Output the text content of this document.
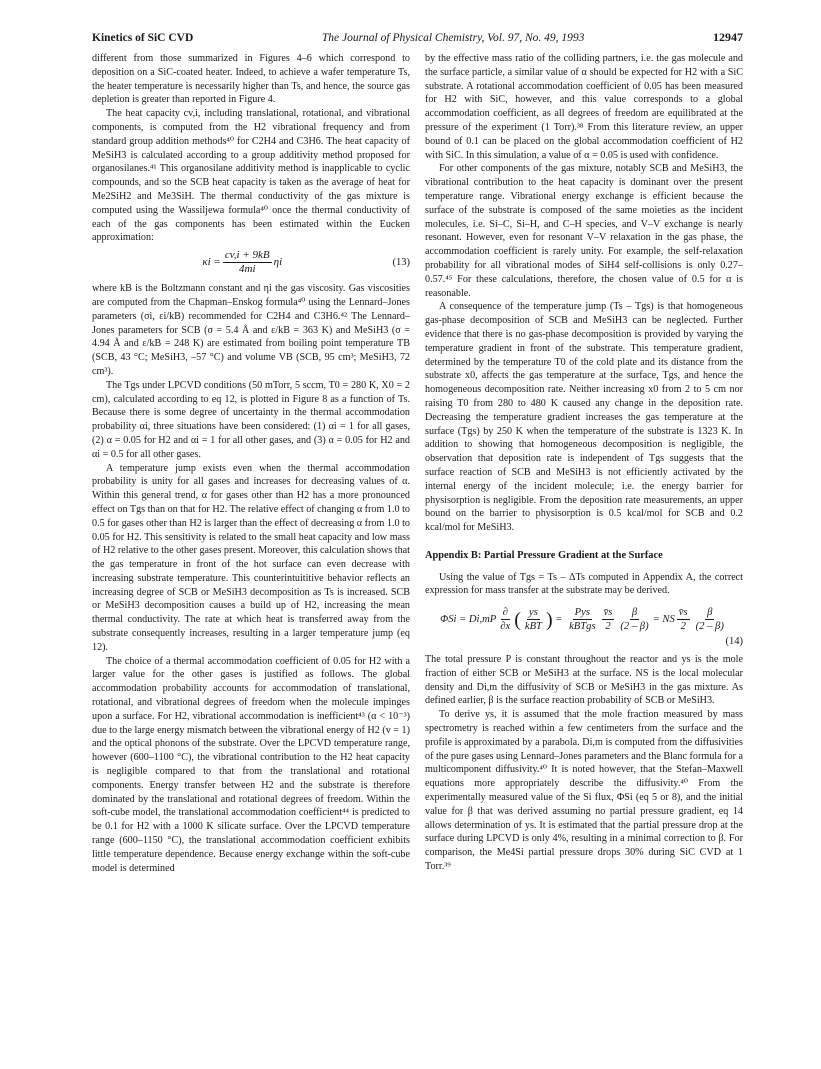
Kinetics of SiC CVD	The Journal of Physical Chemistry, Vol. 97, No. 49, 1993	12947

different from those summarized in Figures 4–6 which correspond to deposition on a SiC-coated heater. Indeed, to achieve a wafer temperature Ts, the heater temperature is necessarily higher than Ts, and hence, the source gas depletion is greater than reported in Figure 4.

The heat capacity cv,i, including translational, rotational, and vibrational components, is computed from the H2 vibrational frequency and from standard group addition methods⁴⁰ for C2H4 and C3H6. The heat capacity of MeSiH3 is calculated according to a group additivity method proposed for organosilanes.⁴¹ This organosilane additivity method is inapplicable to cyclic compounds, and so the SCB heat capacity is taken as the average of heat for Me2SiH2 and Me3SiH. The thermal conductivity of the gas mixture is computed using the Wassiljewa formula⁴⁰ once the thermal conductivity of each of the gas components has been estimated within the Eucken approximation:

$\kappa i = \frac{cv,i + 9kB}{4mi}$ ηi	(13)

where kB is the Boltzmann constant and ηi the gas viscosity. Gas viscosities are computed from the Chapman–Enskog formula⁴⁰ using the Lennard–Jones parameters (σi, εi/kB) recommended for C2H4 and C3H6.⁴² The Lennard–Jones parameters for SCB (σ = 5.4 Å and ε/kB = 363 K) and MeSiH3 (σ = 4.94 Å and ε/kB = 248 K) are estimated from boiling point temperature TB (SCB, 43 °C; MeSiH3, –57 °C) and volume VB (SCB, 95 cm³; MeSiH3, 72 cm³).

The Tgs under LPCVD conditions (50 mTorr, 5 sccm, T0 = 280 K, X0 = 2 cm), calculated according to eq 12, is plotted in Figure 8 as a function of Ts. Because there is some degree of uncertainty in the thermal accommodation probability αi, three situations have been considered: (1) αi = 1 for all gases, (2) α = 0.05 for H2 and αi = 1 for all other gases, and (3) α = 0.05 for H2 and αi = 0.5 for all other gases.

A temperature jump exists even when the thermal accommodation probability is unity for all gases and increases for decreasing values of α. Within this general trend, α for gases other than H2 has a more pronounced effect on Tgs than on that for H2. The relative effect of changing α from 1.0 to 0.5 for gases other than H2 is larger than the effect of decreasing α from 1.0 to 0.05 for H2. This sensitivity is related to the small heat capacity and low mass of H2 relative to the other gases present. Moreover, this calculation shows that the gas temperature in front of the hot surface can even decrease with increasing substrate temperature. This counterintuititive behavior reflects an increasing degree of SCB or MeSiH3 decomposition as Ts is increased. SCB or MeSiH3 decomposition causes a build up of H2, increasing the mean thermal conductivity. The rate at which heat is transferred away from the substrate consequently increases, resulting in a larger temperature jump (eq 12).

The choice of a thermal accommodation coefficient of 0.05 for H2 with a larger value for the other gases is justified as follows. The global accommodation probability accounts for accommodation of translational, rotational, and vibrational degrees of freedom when the molecule impinges upon a surface. For H2, vibrational accommodation is inefficient⁴³ (α < 10⁻³) due to the large energy mismatch between the vibrational energy of H2 (v = 1) and the optical phonons of the substrate. Over the LPCVD temperature range, however (600–1100 °C), the vibrational contribution to the H2 heat capacity is negligible compared to that from the translational and rotational components. Energy transfer between H2 and the substrate is therefore dominated by the translational and rotational degrees of freedom. Within the soft-cube model, the translational accommodation coefficient⁴⁴ is predicted to be 0.1 for H2 with a 1000 K silicate surface. Over the LPCVD temperature range (600–1150 °C), the translational accommodation coefficient exhibits little temperature dependence. Because energy exchange within the soft-cube model is determined

by the effective mass ratio of the colliding partners, i.e. the gas molecule and the surface particle, a similar value of α should be expected for H2 with a SiC substrate. A rotational accommodation coefficient of 0.05 has been measured for H2 with SiC, however, and this value corresponds to a global accommodation coefficient, as all degrees of freedom are equilibrated at the pressure of the experiment (1 Torr).³⁸ From this literature review, an upper bound of 0.1 can be placed on the global accommodation coefficient of H2 with SiC. In this simulation, a value of α = 0.05 is used with confidence.

For other components of the gas mixture, notably SCB and MeSiH3, the vibrational contribution to the heat capacity is dominant over the present temperature range. Vibrational energy exchange is efficient because the surface of the substrate is composed of the same moieties as the incident molecules, i.e. Si–C, Si–H, and C–H species, and V–V exchange is nearly resonant. However, even for resonant V–V relaxation in the gas phase, the accommodation coefficient is rarely unity. For example, the self-relaxation probability for all vibrational modes of SiH4 self-collisions is only 0.27–0.57.⁴⁵ For these calculations, therefore, the chosen value of 0.5 for α is reasonable.

A consequence of the temperature jump (Ts – Tgs) is that homogeneous gas-phase decomposition of SCB and MeSiH3 can be neglected. Further evidence that there is no gas-phase decomposition is provided by varying the temperature gradient in front of the substrate. This temperature gradient, determined by the temperature T0 of the cold plate and its distance from the substrate x0, affects the gas temperature at the surface, Tgs, and hence the homogeneous decomposition rate. Neither increasing x0 from 2 to 5 cm nor raising T0 from 280 to 480 K caused any change in the deposition rate. Decreasing the temperature gradient increases the gas temperature at the surface (Tgs) by 250 K when the temperature of the substrate is 1323 K. In addition to showing that homogeneous decomposition is negligible, the observation that deposition rate is independent of Tgs suggests that the surface reaction of SCB and MeSiH3 is not efficiently activated by the internal energy of the incident molecule; i.e. the energy barrier for physisorption is negligible. From the deposition rate measurements, an upper bound on the barrier to physisorption is 0.5 kcal/mol for SCB and 0.2 kcal/mol for MeSiH3.

Appendix B: Partial Pressure Gradient at the Surface

Using the value of Tgs = Ts – ΔTs computed in Appendix A, the correct expression for mass transfer at the substrate may be derived.

$\Phi Si = Di,mP \frac{\partial}{\partial x}$ ( $\frac{ys}{\text{kBT}}$ ) = $\frac{\text{Pys}}{\text{kBTgs}} \frac{v̄s}{2} \frac{\beta}{(2 - \beta)}$ = NS $\frac{v̄s}{2} \frac{\beta}{(2 - \beta)}$
(14)

The total pressure P is constant throughout the reactor and ys is the mole fraction of either SCB or MeSiH3 at the surface. NS is the local molecular density and Di,m the diffusivity of SCB or MeSiH3 in the gas mixture. As defined earlier, β is the surface reaction probability of SCB or MeSiH3.

To derive ys, it is assumed that the mole fraction measured by mass spectrometry is reached within a few centimeters from the surface and the profile is approximated by a parabola. Di,m is computed from the diffusivities of the pure gases using Lennard–Jones parameters and the Blanc formula for a multicomponent diffusivity.⁴⁰ It is noted however, that the Stefan–Maxwell equations more appropriately describe the diffusivity.⁴⁰ From the experimentally measured value of the Si flux, ΦSi (eq 5 or 8), and the initial value for β that was derived assuming no partial pressure gradient, eq 14 allows determination of ys. It is estimated that the partial pressure drop at the surface during LPCVD is only 4%, resulting in a minimal correction to β. For comparison, the Me4Si partial pressure drops 30% during SiC CVD at 1 Torr.³⁹
